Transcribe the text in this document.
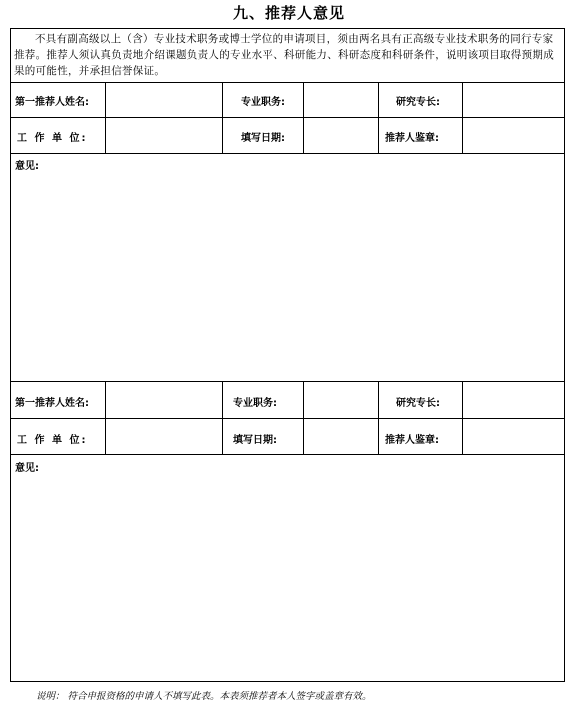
九、推荐人意见
不具有副高级以上（含）专业技术职务或博士学位的申请项目，须由两名具有正高级专业技术职务的同行专家推荐。推荐人须认真负责地介绍课题负责人的专业水平、科研能力、科研态度和科研条件，说明该项目取得预期成果的可能性，并承担信誉保证。
第一推荐人姓名:	专业职务:	研究专长:
工 作 单 位:	填写日期:	推荐人鉴章:
意见:
第一推荐人姓名:	专业职务:	研究专长:
工 作 单 位:	填写日期:	推荐人鉴章:
意见:
说明： 符合申报资格的申请人不填写此表。本表须推荐者本人签字或盖章有效。
